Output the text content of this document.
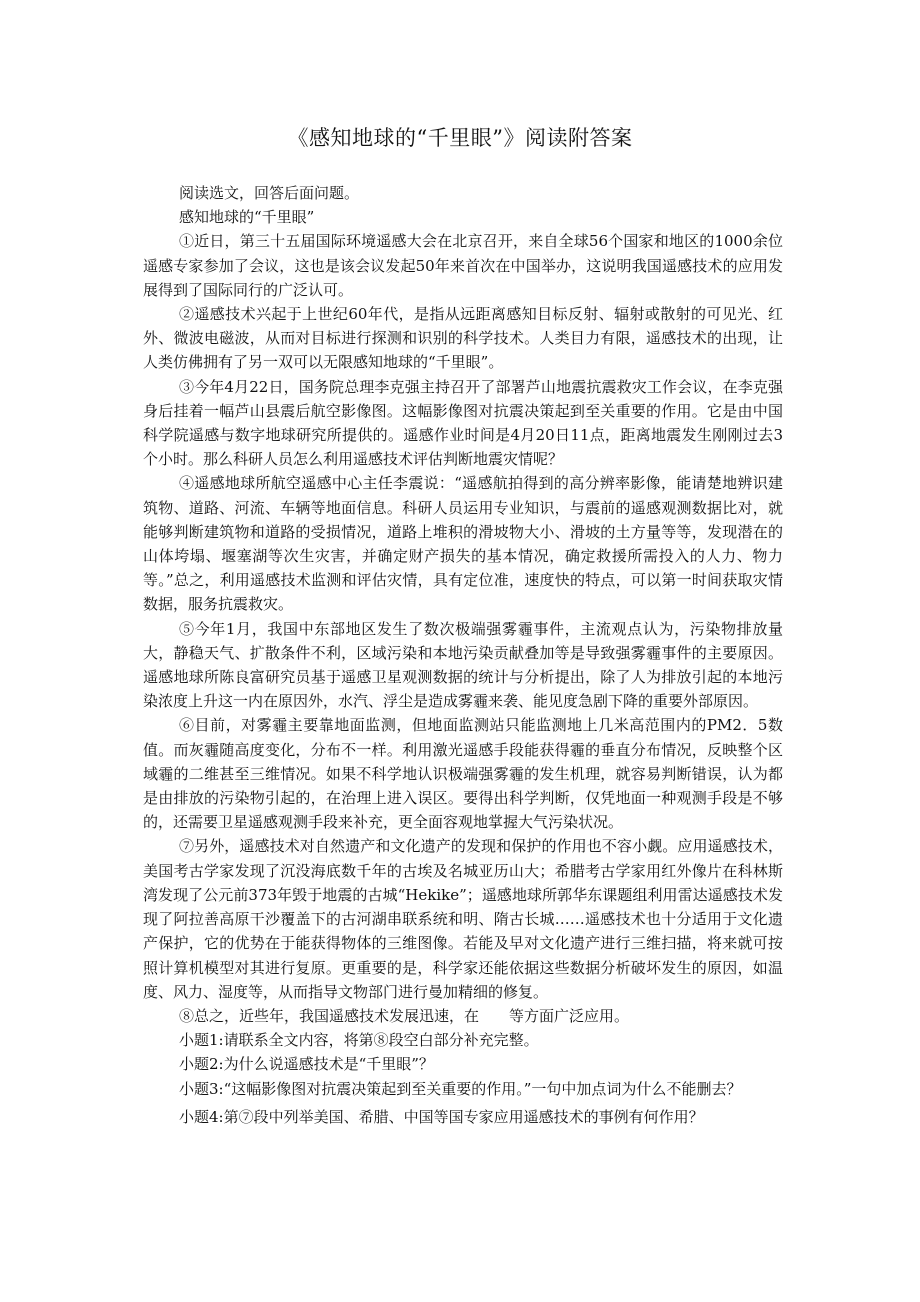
《感知地球的“千里眼”》阅读附答案

阅读选文，回答后面问题。

感知地球的“千里眼”

①近日，第三十五届国际环境遥感大会在北京召开，来自全球56个国家和地区的1000余位遥感专家参加了会议，这也是该会议发起50年来首次在中国举办，这说明我国遥感技术的应用发展得到了国际同行的广泛认可。

②遥感技术兴起于上世纪60年代，是指从远距离感知目标反射、辐射或散射的可见光、红外、微波电磁波，从而对目标进行探测和识别的科学技术。人类目力有限，遥感技术的出现，让人类仿佛拥有了另一双可以无限感知地球的“千里眼”。

③今年4月22日，国务院总理李克强主持召开了部署芦山地震抗震救灾工作会议，在李克强身后挂着一幅芦山县震后航空影像图。这幅影像图对抗震决策起到至关重要的作用。它是由中国科学院遥感与数字地球研究所提供的。遥感作业时间是4月20日11点，距离地震发生刚刚过去3个小时。那么科研人员怎么利用遥感技术评估判断地震灾情呢？

④遥感地球所航空遥感中心主任李震说：“遥感航拍得到的高分辨率影像，能请楚地辨识建筑物、道路、河流、车辆等地面信息。科研人员运用专业知识，与震前的遥感观测数据比对，就能够判断建筑物和道路的受损情况，道路上堆积的滑坡物大小、滑坡的土方量等等，发现潜在的山体垮塌、堰塞湖等次生灾害，并确定财产损失的基本情况，确定救援所需投入的人力、物力等。”总之，利用遥感技术监测和评估灾情，具有定位准，速度快的特点，可以第一时间获取灾情数据，服务抗震救灾。

⑤今年1月，我国中东部地区发生了数次极端强雾霾事件，主流观点认为，污染物排放量大，静稳天气、扩散条件不利，区域污染和本地污染贡献叠加等是导致强雾霾事件的主要原因。遥感地球所陈良富研究员基于遥感卫星观测数据的统计与分析提出，除了人为排放引起的本地污染浓度上升这一内在原因外，水汽、浮尘是造成雾霾来袭、能见度急剧下降的重要外部原因。

⑥目前，对雾霾主要靠地面监测，但地面监测站只能监测地上几米高范围内的PM2．5数值。而灰霾随高度变化，分布不一样。利用激光遥感手段能获得霾的垂直分布情况，反映整个区域霾的二维甚至三维情况。如果不科学地认识极端强雾霾的发生机理，就容易判断错误，认为都是由排放的污染物引起的，在治理上进入误区。要得出科学判断，仅凭地面一种观测手段是不够的，还需要卫星遥感观测手段来补充，更全面容观地掌握大气污染状况。

⑦另外，遥感技术对自然遗产和文化遗产的发现和保护的作用也不容小觑。应用遥感技术，美国考古学家发现了沉没海底数千年的古埃及名城亚历山大；希腊考古学家用红外像片在科林斯湾发现了公元前373年毁于地震的古城“Hekike”；遥感地球所郭华东课题组利用雷达遥感技术发现了阿拉善高原干沙覆盖下的古河湖串联系统和明、隋古长城……遥感技术也十分适用于文化遗产保护，它的优势在于能获得物体的三维图像。若能及早对文化遗产进行三维扫描，将来就可按照计算机模型对其进行复原。更重要的是，科学家还能依据这些数据分析破坏发生的原因，如温度、风力、湿度等，从而指导文物部门进行曼加精细的修复。

⑧总之，近些年，我国遥感技术发展迅速，在　　等方面广泛应用。

小题1:请联系全文内容，将第⑧段空白部分补充完整。

小题2:为什么说遥感技术是“千里眼”？

小题3:“这幅影像图对抗震决策起到至关重要的作用。”一句中加点词为什么不能删去？

小题4:第⑦段中列举美国、希腊、中国等国专家应用遥感技术的事例有何作用？
